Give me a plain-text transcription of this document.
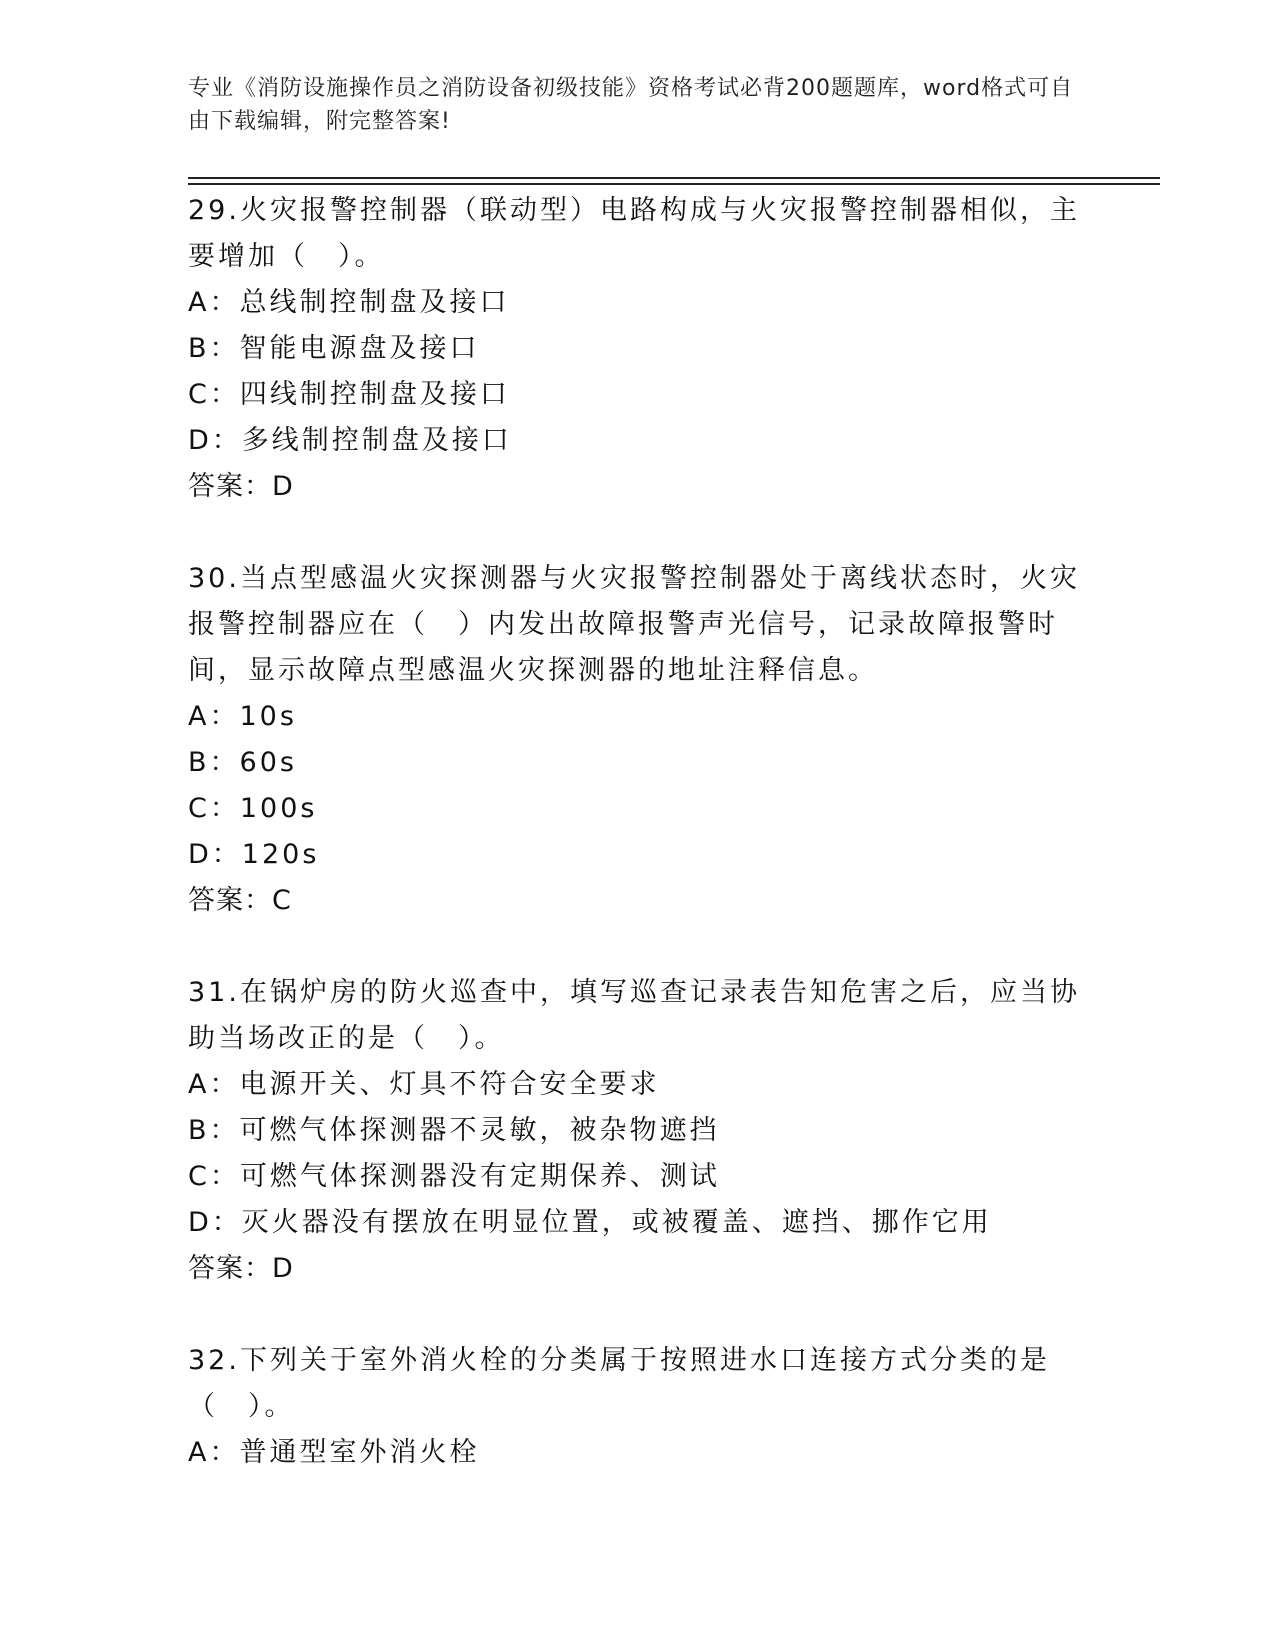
专业《消防设施操作员之消防设备初级技能》资格考试必背200题题库，word格式可自由下载编辑，附完整答案!

29.火灾报警控制器（联动型）电路构成与火灾报警控制器相似，主要增加（　）。

A：总线制控制盘及接口

B：智能电源盘及接口

C：四线制控制盘及接口

D：多线制控制盘及接口

答案：D

30.当点型感温火灾探测器与火灾报警控制器处于离线状态时，火灾报警控制器应在（　）内发出故障报警声光信号，记录故障报警时间，显示故障点型感温火灾探测器的地址注释信息。

A：10s

B：60s

C：100s

D：120s

答案：C

31.在锅炉房的防火巡查中，填写巡查记录表告知危害之后，应当协助当场改正的是（　）。

A：电源开关、灯具不符合安全要求

B：可燃气体探测器不灵敏，被杂物遮挡

C：可燃气体探测器没有定期保养、测试

D：灭火器没有摆放在明显位置，或被覆盖、遮挡、挪作它用

答案：D

32.下列关于室外消火栓的分类属于按照进水口连接方式分类的是（　）。

A：普通型室外消火栓
